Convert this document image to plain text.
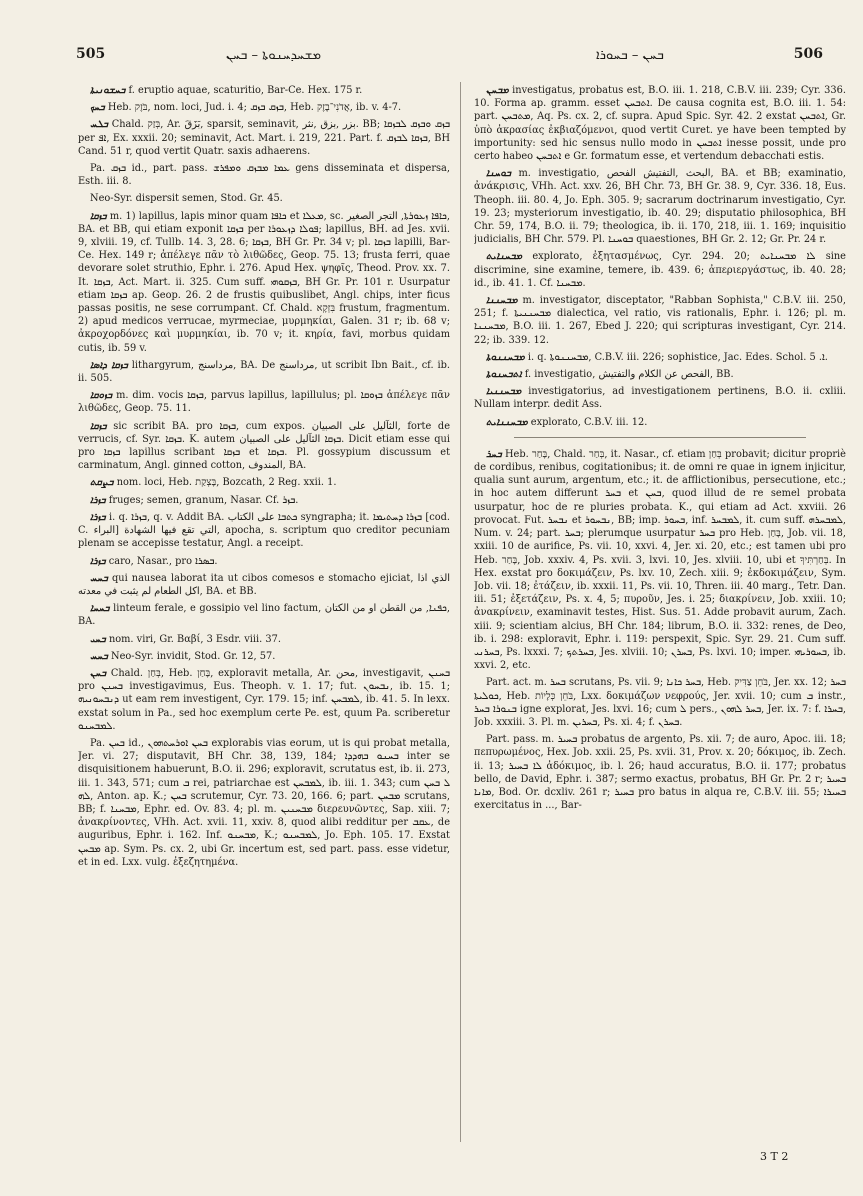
505	ܡܫܚܕܚܢܘܬܐ – ܒܚܢ	ܒܚܢ – ܒܚܘܪܐ	506

ܒܚܫܘܢܝܬܐ f. eruptio aquae, scaturitio, Bar-Ce. Hex. 175 r.

ܒܚܟ Heb. בֹּזֶק, nom. loci, Jud. i. 4; ܒܙܩ ܒܙܩ, Heb. אֲדֹנִי־בֶזֶק, ib. v. 4-7.

ܒܠܚ Chald. בְּזַק, Ar. بَزَقَ, sparsit, seminavit, بزر ,بزق ,نثر. BB; ܒܙܩ ܘܒܙܩ ܠܒܙܩܐ per ܐܦ, Ex. xxxii. 20; seminavit, Act. Mart. i. 219, 221. Part. f. ܒܙܩܐ ܠܒܙܩ, BH Cand. 51 r, quod vertit Quatr. saxis adhaerens.

Pa. ܒܙܩ id., part. pass. ܥܡܐ ܡܒܙܩ ܘܡܦܪܫ gens disseminata et dispersa, Esth. iii. 8.

Neo-Syr. dispersit semen, Stod. Gr. 45.

ܒܙܩܐ m. 1) lapillus, lapis minor quam ܟܐܦܐ et ܡܥܠܐ, sc. ܟܐܦܐ ܙܥܘܪܬܐ, التجر الصغير, BA. et BB, qui etiam exponit ܒܙܩܐ per ܦܘܠܐ ܕܙܥܘܪܐ; lapillus, BH. ad Jes. xvii. 9, xlviii. 19, cf. Tullb. 14. 3, 28. 6; ܒܙܩܐ, BH Gr. Pr. 34 v; pl. ܒܙܩܐ lapilli, Bar-Ce. Hex. 149 r; ἀπέλεγε πᾶν τὸ λιθῶδες, Geop. 75. 13; frusta ferri, quae devorare solet struthio, Ephr. i. 276. Apud Hex. ψηφῖς, Theod. Prov. xx. 7. It. ܒܙܩܐ, Act. Mart. ii. 325. Cum suff. ܒܙܩܘܗܝ, BH Gr. Pr. 101 r. Usurpatur etiam ܒܙܩܐ ap. Geop. 26. 2 de frustis quibuslibet, Angl. chips, inter ficus passas positis, ne sese corrumpant. Cf. Chald. בִּזְקָא frustum, fragmentum. 2) apud medicos verrucae, myrmeciae, μυρμηκίαι, Galen. 31 r; ib. 68 v; ἀκροχορδόνες καὶ μυρμηκίαι, ib. 70 v; it. κηρία, favi, morbus quidam cutis, ib. 59 v.

ܒܙܩܐ ܕܐܣܐ lithargyrum, مرداسنج, BA. De مرداسنج, ut scribit Ibn Bait., cf. ib. ii. 505.

ܒܙܘܩܐ m. dim. vocis ܒܙܩܐ, parvus lapillus, lapillulus; pl. ܒܙܘܩܐ ἀπέλεγε πᾶν λιθῶδες, Geop. 75. 11.

ܒܙܩܐ sic scribit BA. pro ܒܙܩܐ, cum expos. الثآليل على الصبيان, forte de verrucis, cf. Syr. ܒܙܩܐ. K. autem ܒܙܩܐ الثآليل على الصبيان. Dicit etiam esse qui pro ܒܙܩܐ lapillus scribant ܒܙܩܐ et ܒܙܩܐ. Pl. gossypium discussum et carminatum, Angl. ginned cotton, المندوف, BA.

ܒܨܩܬ nom. loci, Heb. בָּצְקַת, Bozcath, 2 Reg. xxii. 1.

ܒܙܪܐ fruges; semen, granum, Nasar. Cf. ܒܙܪ.

ܒܙܪܐ i. q. ܒܙܪܐ, q. v. Addit BA. ܟܬܒܐ على الكتاب syngrapha; it. ܒܙܪܐ ܕܚܬܝܡܐ [cod. C. البراء] التي تقع فيها الشهادة, apocha, s. scriptum quo creditor pecuniam plenam se accepisse testatur, Angl. a receipt.

ܒܙܪܐ caro, Nasar., pro ܒܣܪܐ.

ܒܚܚ qui nausea laborat ita ut cibos comesos e stomacho ejiciat, الذي اذا اكل الطعام لم يثبت في معدته, BA. et BB.

ܒܚܚܐ linteum ferale, e gossipio vel lino factum, ܟܦܢܐ, من القطن او من الكتان, BA.

ܒܚܝ nom. viri, Gr. Βαβί, 3 Esdr. viii. 37.

ܒܚܚ Neo-Syr. invidit, Stod. Gr. 12, 57.

ܒܚܢ Chald. בְּחַן, Heb. בָּחַן, exploravit metalla, Ar. محن, investigavit, ܒܚܢܢ pro ܒܚܢܢ investigavimus, Eus. Theoph. v. 1. 17; fut. ܢܒܚܘܢ, ib. 15. 1; ܕܢܒܚܘܢܝܗ ut eam rem investigent, Cyr. 179. 15; inf. ܠܡܒܚܢ, ib. 41. 5. In lexx. exstat solum in Pa., sed hoc exemplum certe Pe. est, quum Pa. scriberetur ܠܡܒܚܢܘ.

Pa. ܒܚܢ id., ܒܚܢ ܐܘܪܚܬܗܘܢ explorabis vias eorum, ut is qui probat metalla, Jer. vi. 27; disputavit, BH Chr. 38, 139, 184; ܒܚܢܘ ܒܗܕܕܐ inter se disquisitionem habuerunt, B.O. ii. 296; exploravit, scrutatus est, ib. ii. 273, iii. 1. 343, 571; cum ܒ rei, patriarchae est ܠܡܒܚܢ, ib. iii. 1. 343; cum ܠ ܒܚܢ ܠܗ, Anton. ap. K.; ܒܚܢ scrutemur, Cyr. 73. 20, 166. 6; part. ܡܒܚܢ scrutans, BB; f. ܡܒܚܢܐ, Ephr. ed. Ov. 83. 4; pl. m. ܡܒܚܢܝܢ διερευνῶντες, Sap. xiii. 7; ἀνακρίνοντες, VHh. Act. xvii. 11, xxiv. 8, quod alibi redditur per ܥܩܒ, de auguribus, Ephr. i. 162. Inf. ܡܒܚܢܘ, K.; ܠܡܒܚܢܘ, Jo. Eph. 105. 17. Exstat ܡܒܚܢ ap. Sym. Ps. cx. 2, ubi Gr. incertum est, sed part. pass. esse videtur, et in ed. Lxx. vulg. ἐξεζητημένα.

ܡܒܚܢ investigatus, probatus est, B.O. iii. 1. 218, C.B.V. iii. 239; Cyr. 336. 10. Forma ap. gramm. esset ܐܬܒܚܢ. De causa cognita est, B.O. iii. 1. 54: part. ܡܬܒܚܢ, Aq. Ps. cx. 2, cf. supra. Apud Spic. Syr. 42. 2 exstat ܐܬܒܚܢ, Gr. ὑπὸ ἀκρασίας ἐκβιαζόμενοι, quod vertit Curet. ye have been tempted by importunity: sed hic sensus nullo modo in ܐܬܒܚܢ inesse possit, unde pro certo habeo ܐܬܒܚܢ e Gr. formatum esse, et vertendum debacchati estis.

ܒܘܚܢܐ m. investigatio, البحث ,التفتيش الفحص, BA. et BB; examinatio, ἀνάκρισις, VHh. Act. xxv. 26, BH Chr. 73, BH Gr. 38. 9, Cyr. 336. 18, Eus. Theoph. iii. 80. 4, Jo. Eph. 305. 9; sacrarum doctrinarum investigatio, Cyr. 19. 23; mysteriorum investigatio, ib. 40. 29; disputatio philosophica, BH Chr. 59, 174, B.O. ii. 79; theologica, ib. ii. 170, 218, iii. 1. 169; inquisitio judicialis, BH Chr. 579. Pl. ܒܘܚܢܐ quaestiones, BH Gr. 2. 12; Gr. Pr. 24 r.

ܡܒܚܢܐܝܬ explorato, ἐξητασμένως, Cyr. 294. 20; ܠܐ ܡܒܚܢܐܝܬ sine discrimine, sine examine, temere, ib. 439. 6; ἀπεριεργάστως, ib. 40. 28; id., ib. 41. 1. Cf. ܡܒܚܢܐ.

ܡܒܚܢܢܐ m. investigator, disceptator, "Rabban Sophista," C.B.V. iii. 250, 251; f. ܡܒܚܢܢܝܬܐ dialectica, vel ratio, vis rationalis, Ephr. i. 126; pl. m. ܡܒܚܢܢܐ, B.O. iii. 1. 267, Ebed J. 220; qui scripturas investigant, Cyr. 214. 22; ib. 339. 12.

ܡܒܚܢܢܘܬܐ i. q. ܡܒܚܢܢܘܬܐ, C.B.V. iii. 226; sophistice, Jac. Edes. Schol. ܐ. 5.

ܐܬܒܚܢܘܬܐ f. investigatio, الفحص عن الكلام والتفتيش, BB.

ܡܒܚܢܢܝܐ investigatorius, ad investigationem pertinens, B.O. ii. cxliii. Nullam interpr. dedit Ass.

ܡܒܚܢܢܐܝܬ explorato, C.B.V. iii. 12.

ܒܚܪ Heb. בָּחַר, Chald. בְּחַר, it. Nasar., cf. etiam בְּחַן probavit; dicitur propriè de cordibus, renibus, cogitationibus; it. de omni re quae in ignem injicitur, qualia sunt aurum, argentum, etc.; it. de afflictionibus, persecutione, etc.; in hoc autem differunt ܒܚܪ et ܒܚܢ, quod illud de re semel probata usurpatur, hoc de re pluries probata. K., qui etiam ad Act. xxviii. 26 provocat. Fut. ܢܒܚܪ et ܢܒܚܘܪ, BB; imp. ܒܚܘܪ, inf. ܠܡܒܚܪ, it. cum suff. ܠܡܒܚܪܗ, Num. v. 24; part. ܒܚܪ; plerumque usurpatur ܒܚܪ pro Heb. בָּחַן, Job. vii. 18, xxiii. 10 de aurifice, Ps. vii. 10, xxvi. 4, Jer. xi. 20, etc.; est tamen ubi pro Heb. בָּחַר, Job. xxxiv. 4, Ps. xvii. 3, lxvi. 10, Jes. xlviii. 10, ubi et בְּחַרְתִּיךָ. In Hex. exstat pro δοκιμάζειν, Ps. lxv. 10, Zech. xiii. 9; ἐκδοκιμάζειν, Sym. Job. vii. 18; ἐτάζειν, ib. xxxii. 11, Ps. vii. 10, Thren. iii. 40 marg., Tetr. Dan. iii. 51; ἐξετάζειν, Ps. x. 4, 5; πυροῦν, Jes. i. 25; διακρίνειν, Job. xxiii. 10; ἀνακρίνειν, examinavit testes, Hist. Sus. 51. Adde probavit aurum, Zach. xiii. 9; scientiam alcius, BH Chr. 184; librum, B.O. ii. 332: renes, de Deo, ib. i. 298: exploravit, Ephr. i. 119: perspexit, Spic. Syr. 29. 21. Cum suff. ܒܚܪܢܝ, Ps. lxxxi. 7; ܒܚܪܬܟ, Jes. xlviii. 10; ܒܚܪܢ, Ps. lxvi. 10; imper. ܒܚܘܪܝܗܝ, ib. xxvi. 2, etc.

Part. act. m. ܒܚܪ scrutans, Ps. vii. 9; ܒܚܪ ܟܐܢܐ, Heb. בֹּחֵן צַדִּיק, Jer. xx. 12; ܒܚܪ ܟܘܠܝܬܐ, Heb. בֹּחֵן כְּלָיוֹת, Lxx. δοκιμάζων νεφρούς, Jer. xvii. 10; cum ܒ instr., ܒܢܘܪܐ ܒܚܪ igne explorat, Jes. lxvi. 16; cum ܠ pers., ܒܚܪ ܠܗܘܢ, Jer. ix. 7: f. ܒܚܪܐ, Job. xxxiii. 3. Pl. m. ܒܚܪܝܢ, Ps. xi. 4; f. ܒܚܪܢ.

Part. pass. m. ܒܚܝܪ probatus de argento, Ps. xii. 7; de auro, Apoc. iii. 18; πεπυρωμένος, Hex. Job. xxii. 25, Ps. xvii. 31, Prov. x. 20; δόκιμος, ib. Zech. ii. 13; ܠܐ ܒܚܝܪ ἀδόκιμος, ib. l. 26; haud accuratus, B.O. ii. 177; probatus bello, de David, Ephr. i. 387; sermo exactus, probatus, BH Gr. Pr. 2 r; ܒܚܝܪ ܡܐܢܐ, Bod. Or. dcxliv. 261 r; ܒܚܝܪ pro batus in alqua re, C.B.V. iii. 55; ܒܚܝܪܐ exercitatus in ..., Bar-

3 T 2
